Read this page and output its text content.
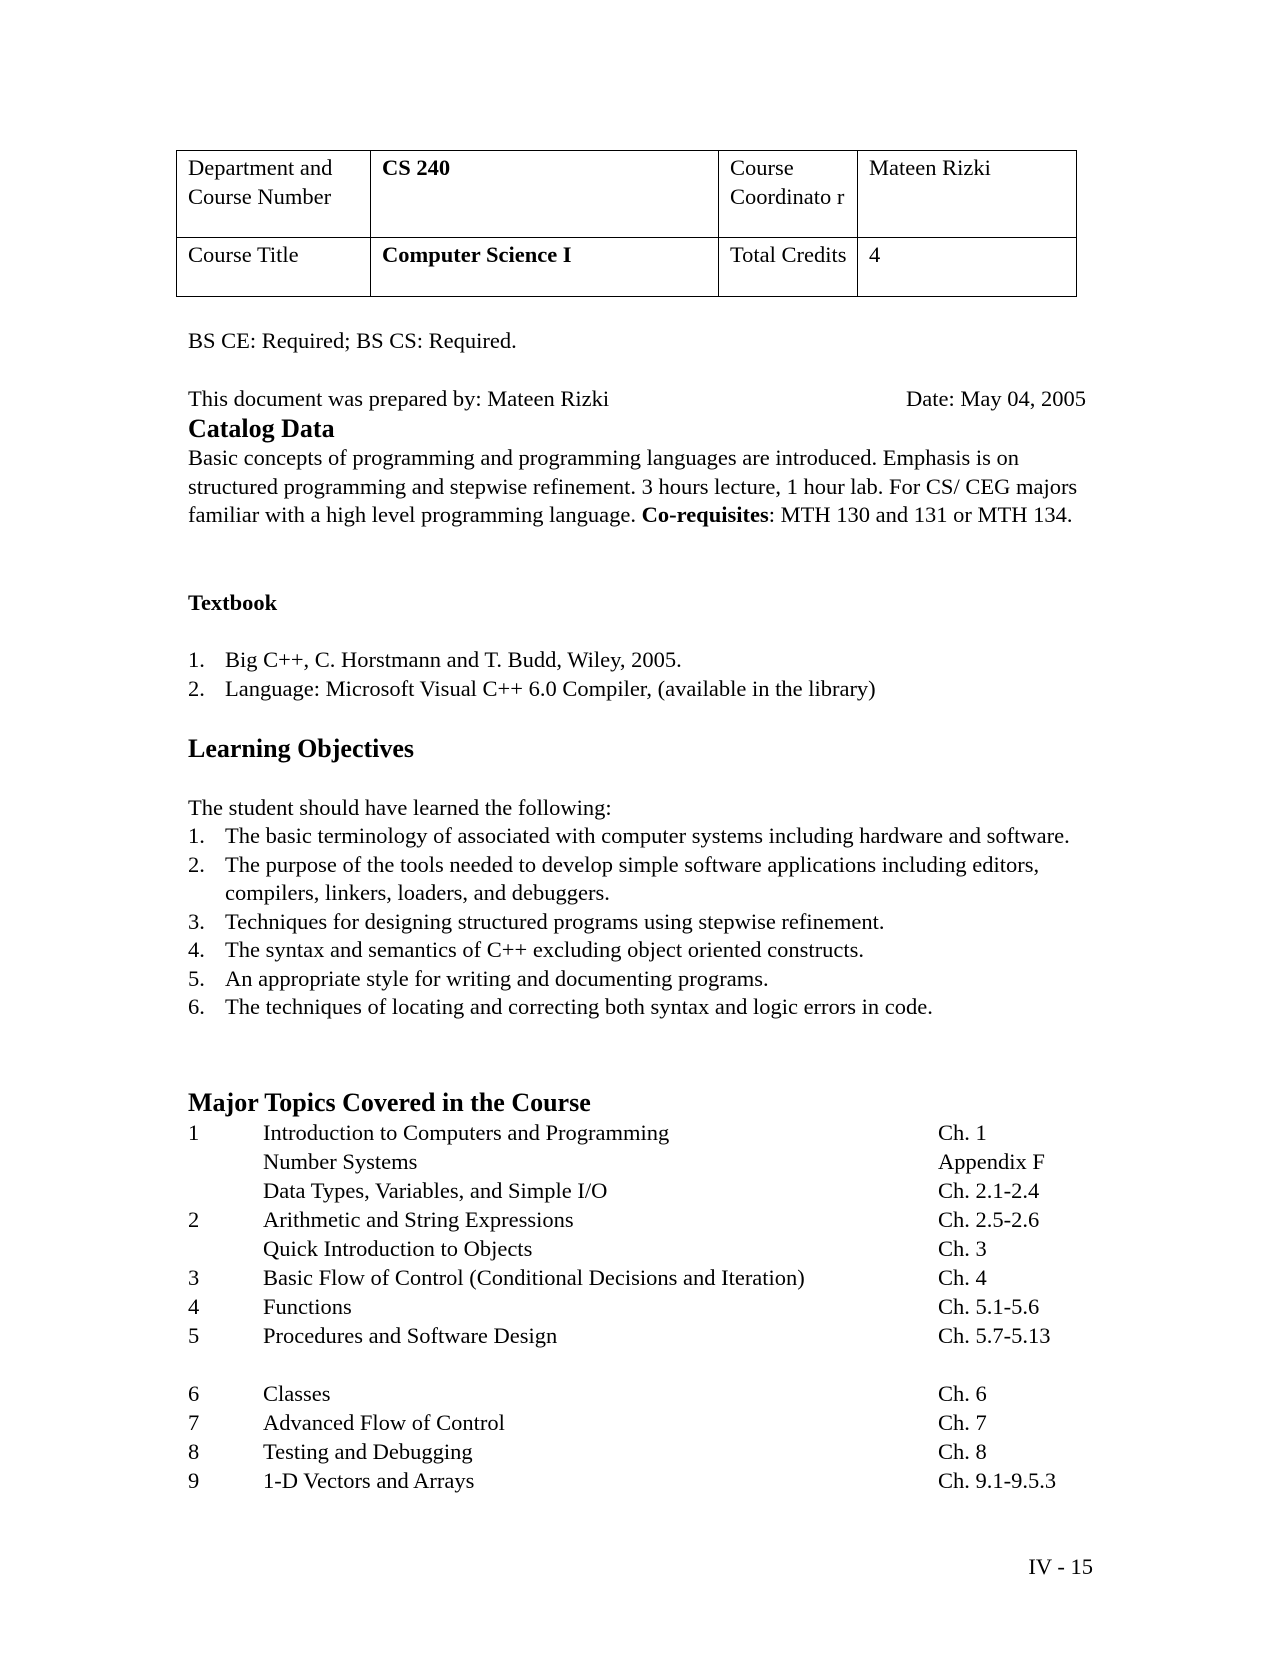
Department and Course Number	CS 240	Course Coordinato r	Mateen Rizki
Course Title	Computer Science I	Total Credits	4

BS CE: Required; BS CS: Required.

This document was prepared by: Mateen Rizki	Date: May 04, 2005
Catalog Data

Basic concepts of programming and programming languages are introduced. Emphasis is on structured programming and stepwise refinement. 3 hours lecture, 1 hour lab. For CS/ CEG majors familiar with a high level programming language. Co-requisites: MTH 130 and 131 or MTH 134.

Textbook

1. Big C++, C. Horstmann and T. Budd, Wiley, 2005.
2. Language: Microsoft Visual C++ 6.0 Compiler, (available in the library)
Learning Objectives

The student should have learned the following:

1. The basic terminology of associated with computer systems including hardware and software.
2. The purpose of the tools needed to develop simple software applications including editors, compilers, linkers, loaders, and debuggers.
3. Techniques for designing structured programs using stepwise refinement.
4. The syntax and semantics of C++ excluding object oriented constructs.
5. An appropriate style for writing and documenting programs.
6. The techniques of locating and correcting both syntax and logic errors in code.
Major Topics Covered in the Course
1	Introduction to Computers and Programming	Ch. 1
Number Systems	Appendix F
Data Types, Variables, and Simple I/O	Ch. 2.1-2.4
2	Arithmetic and String Expressions	Ch. 2.5-2.6
Quick Introduction to Objects	Ch. 3
3	Basic Flow of Control (Conditional Decisions and Iteration)	Ch. 4
4	Functions	Ch. 5.1-5.6
5	Procedures and Software Design	Ch. 5.7-5.13
6	Classes	Ch. 6
7	Advanced Flow of Control	Ch. 7
8	Testing and Debugging	Ch. 8
9	1-D Vectors and Arrays	Ch. 9.1-9.5.3
IV - 15
